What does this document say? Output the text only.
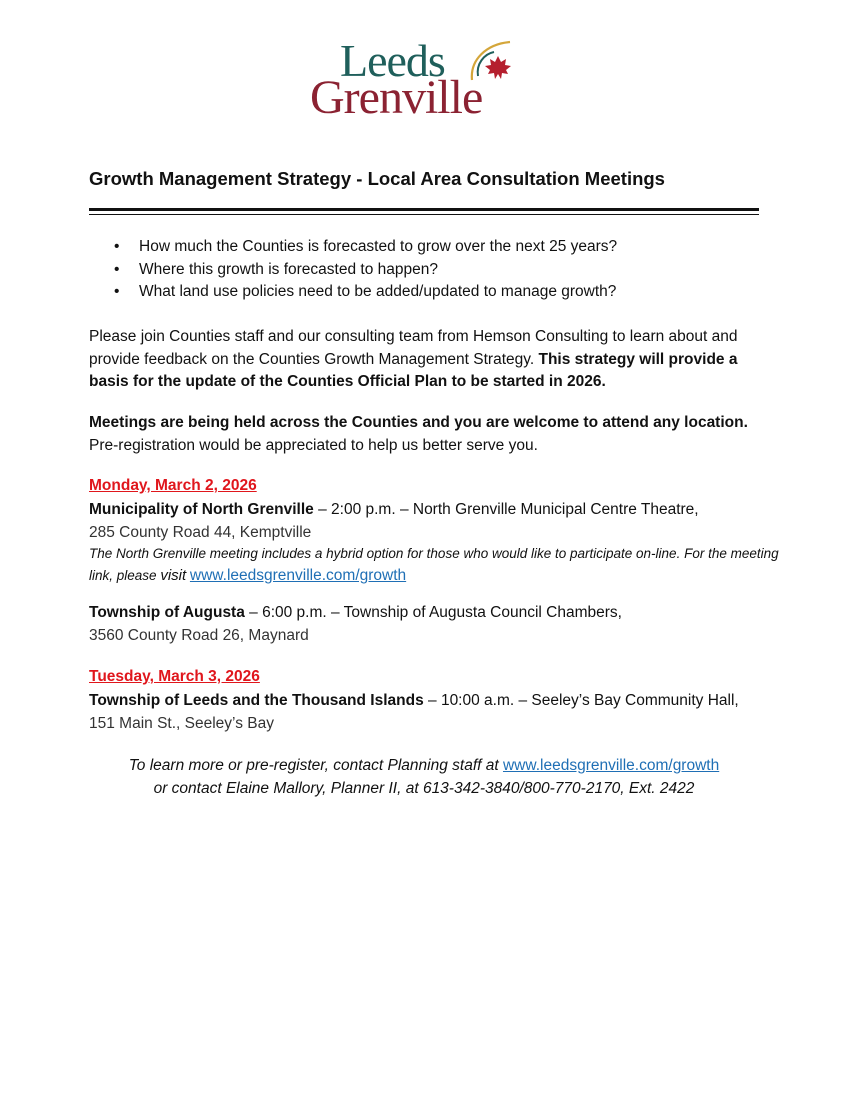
Leeds
Grenville
Growth Management Strategy - Local Area Consultation Meetings
• How much the Counties is forecasted to grow over the next 25 years?
• Where this growth is forecasted to happen?
• What land use policies need to be added/updated to manage growth?

Please join Counties staff and our consulting team from Hemson Consulting to learn about and provide feedback on the Counties Growth Management Strategy. This strategy will provide a basis for the update of the Counties Official Plan to be started in 2026.

Meetings are being held across the Counties and you are welcome to attend any location. Pre-registration would be appreciated to help us better serve you.

Monday, March 2, 2026
Municipality of North Grenville – 2:00 p.m. – North Grenville Municipal Centre Theatre,
285 County Road 44, Kemptville
The North Grenville meeting includes a hybrid option for those who would like to participate on-line. For the meeting link, please visit www.leedsgrenville.com/growth
Township of Augusta – 6:00 p.m. – Township of Augusta Council Chambers,
3560 County Road 26, Maynard
Tuesday, March 3, 2026
Township of Leeds and the Thousand Islands – 10:00 a.m. – Seeley’s Bay Community Hall,
151 Main St., Seeley’s Bay
To learn more or pre-register, contact Planning staff at www.leedsgrenville.com/growth
or contact Elaine Mallory, Planner II, at 613-342-3840/800-770-2170, Ext. 2422
